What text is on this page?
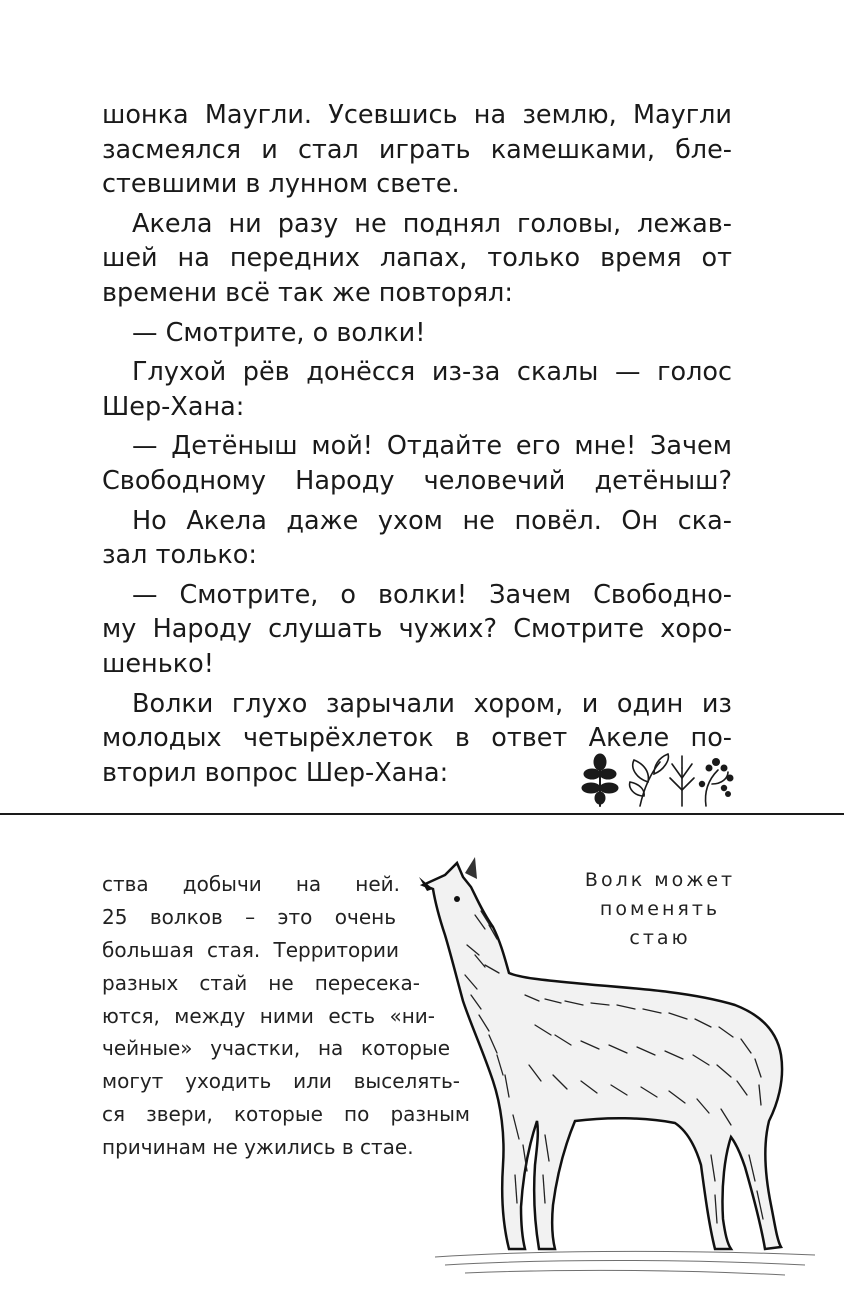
шонка Маугли. Усевшись на землю, Маугли
засмеялся и стал играть камешками, бле-
стевшими в лунном свете.
Акела ни разу не поднял головы, лежав-
шей на передних лапах, только время от
времени всё так же повторял:
— Смотрите, о волки!
Глухой рёв донёсся из-за скалы — голос
Шер-Хана:
— Детёныш мой! Отдайте его мне! Зачем
Свободному Народу человечий детёныш?
Но Акела даже ухом не повёл. Он ска-
зал только:
— Смотрите, о волки! Зачем Свободно-
му Народу слушать чужих? Смотрите хоро-
шенько!
Волки глухо зарычали хором, и один из
молодых четырёхлеток в ответ Акеле по-
вторил вопрос Шер-Хана:
ства добычи на ней.
25 волков – это очень
большая стая. Территории
разных стай не пересека-
ются, между ними есть «ни-
чейные» участки, на которые
могут уходить или выселять-
ся звери, которые по разным
причинам не ужились в стае.
Волк может
поменять
стаю
